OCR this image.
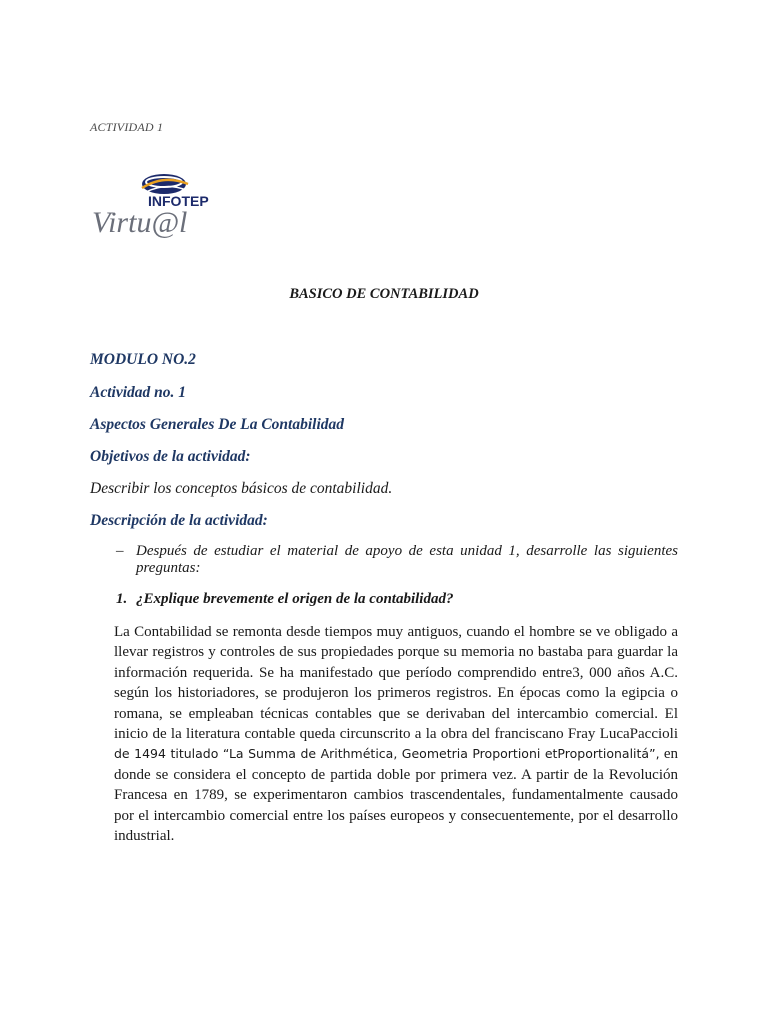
ACTIVIDAD 1
INFOTEP
Virtu@l
BASICO DE CONTABILIDAD
MODULO NO.2
Actividad no. 1
Aspectos Generales De La Contabilidad
Objetivos de la actividad:
Describir los conceptos básicos de contabilidad.
Descripción de la actividad:
– Después de estudiar el material de apoyo de esta unidad 1, desarrolle las siguientes preguntas:
1. ¿Explique brevemente el origen de la contabilidad?
La Contabilidad se remonta desde tiempos muy antiguos, cuando el hombre se ve obligado a llevar registros y controles de sus propiedades porque su memoria no bastaba para guardar la información requerida. Se ha manifestado que período comprendido entre3, 000 años A.C. según los historiadores, se produjeron los primeros registros. En épocas como la egipcia o romana, se empleaban técnicas contables que se derivaban del intercambio comercial. El inicio de la literatura contable queda circunscrito a la obra del franciscano Fray LucaPaccioli de 1494 titulado “La Summa de Arithmética, Geometria Proportioni etProportionalitá”, en donde se considera el concepto de partida doble por primera vez. A partir de la Revolución Francesa en 1789, se experimentaron cambios trascendentales, fundamentalmente causado por el intercambio comercial entre los países europeos y consecuentemente, por el desarrollo industrial.
